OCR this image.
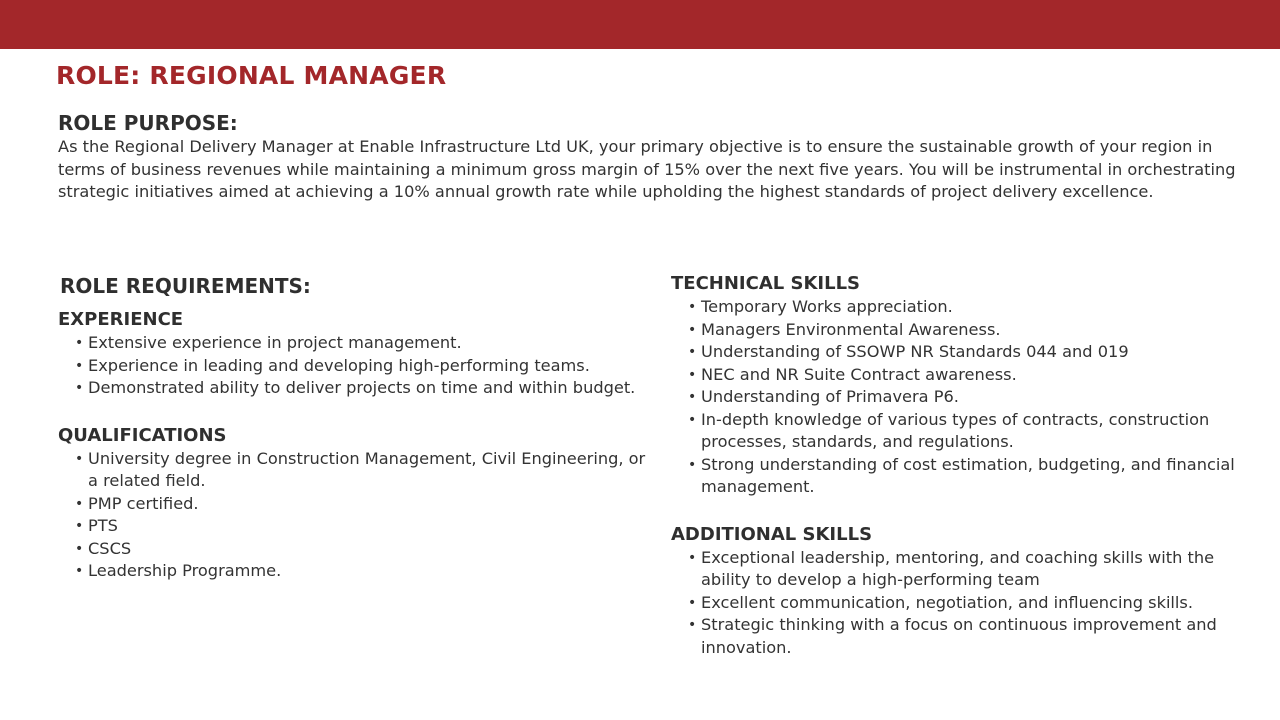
ROLE: REGIONAL MANAGER
ROLE PURPOSE:

As the Regional Delivery Manager at Enable Infrastructure Ltd UK, your primary objective is to ensure the sustainable growth of your region in terms of business revenues while maintaining a minimum gross margin of 15% over the next five years. You will be instrumental in orchestrating strategic initiatives aimed at achieving a 10% annual growth rate while upholding the highest standards of project delivery excellence.

ROLE REQUIREMENTS:
EXPERIENCE
• Extensive experience in project management.
• Experience in leading and developing high-performing teams.
• Demonstrated ability to deliver projects on time and within budget.
QUALIFICATIONS
• University degree in Construction Management, Civil Engineering, or a related field.
• PMP certified.
• PTS
• CSCS
• Leadership Programme.
TECHNICAL SKILLS
• Temporary Works appreciation.
• Managers Environmental Awareness.
• Understanding of SSOWP NR Standards 044 and 019
• NEC and NR Suite Contract awareness.
• Understanding of Primavera P6.
• In-depth knowledge of various types of contracts, construction processes, standards, and regulations.
• Strong understanding of cost estimation, budgeting, and financial management.
ADDITIONAL SKILLS
• Exceptional leadership, mentoring, and coaching skills with the ability to develop a high-performing team
• Excellent communication, negotiation, and influencing skills.
• Strategic thinking with a focus on continuous improvement and innovation.
